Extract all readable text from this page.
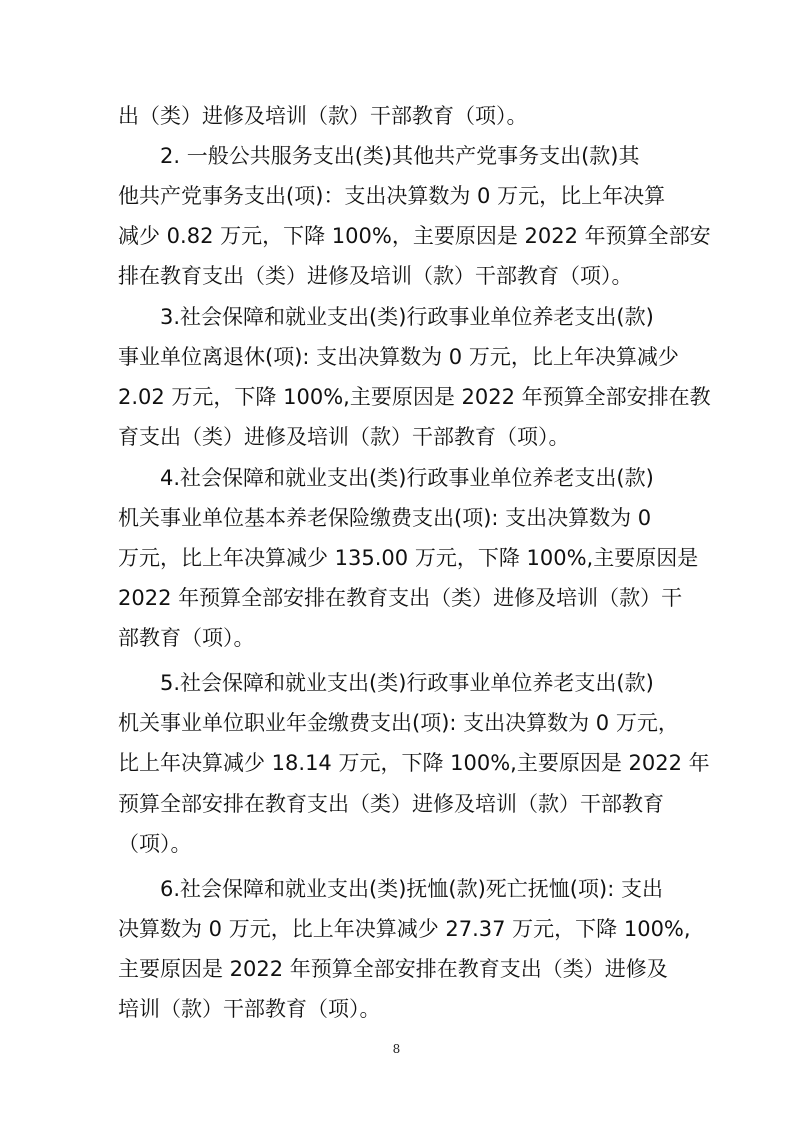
出（类）进修及培训（款）干部教育（项）。
2. 一般公共服务支出(类)其他共产党事务支出(款)其
他共产党事务支出(项)：支出决算数为 0 万元，比上年决算
减少 0.82 万元，下降 100%，主要原因是 2022 年预算全部安
排在教育支出（类）进修及培训（款）干部教育（项）。
3.社会保障和就业支出(类)行政事业单位养老支出(款)
事业单位离退休(项): 支出决算数为 0 万元，比上年决算减少
2.02 万元，下降 100%,主要原因是 2022 年预算全部安排在教
育支出（类）进修及培训（款）干部教育（项）。
4.社会保障和就业支出(类)行政事业单位养老支出(款)
机关事业单位基本养老保险缴费支出(项): 支出决算数为 0
万元，比上年决算减少 135.00 万元，下降 100%,主要原因是
2022 年预算全部安排在教育支出（类）进修及培训（款）干
部教育（项）。
5.社会保障和就业支出(类)行政事业单位养老支出(款)
机关事业单位职业年金缴费支出(项): 支出决算数为 0 万元，
比上年决算减少 18.14 万元，下降 100%,主要原因是 2022 年
预算全部安排在教育支出（类）进修及培训（款）干部教育
（项）。
6.社会保障和就业支出(类)抚恤(款)死亡抚恤(项): 支出
决算数为 0 万元，比上年决算减少 27.37 万元，下降 100%,
主要原因是 2022 年预算全部安排在教育支出（类）进修及
培训（款）干部教育（项）。
8
